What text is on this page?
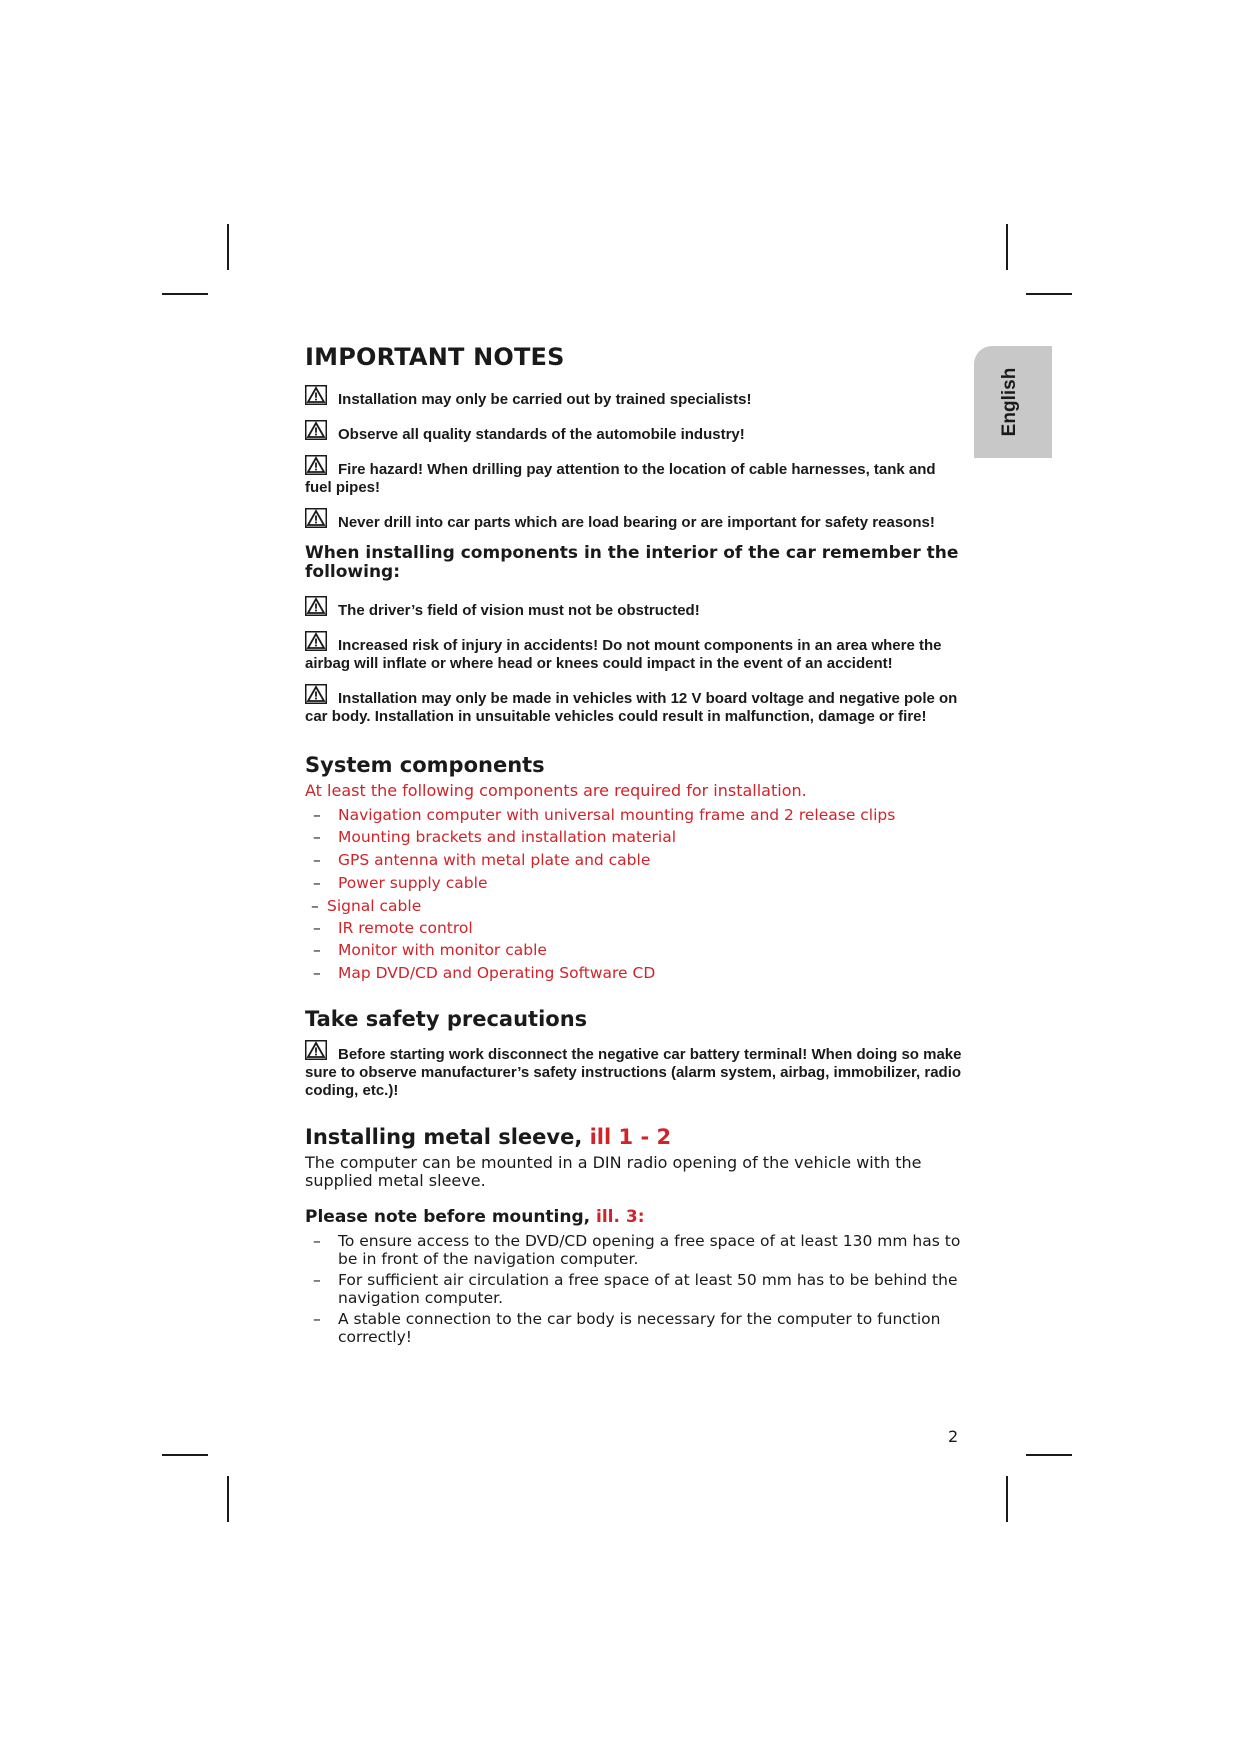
English
IMPORTANT NOTES

Installation may only be carried out by trained specialists!

Observe all quality standards of the automobile industry!

Fire hazard! When drilling pay attention to the location of cable harnesses, tank and fuel pipes!

Never drill into car parts which are load bearing or are important for safety reasons!

When installing components in the interior of the car remember the following:

The driver’s field of vision must not be obstructed!

Increased risk of injury in accidents! Do not mount components in an area where the airbag will inflate or where head or knees could impact in the event of an accident!

Installation may only be made in vehicles with 12 V board voltage and negative pole on car body. Installation in unsuitable vehicles could result in malfunction, damage or fire!

System components

At least the following components are required for installation.

– Navigation computer with universal mounting frame and 2 release clips
– Mounting brackets and installation material
– GPS antenna with metal plate and cable
– Power supply cable
– Signal cable
– IR remote control
– Monitor with monitor cable
– Map DVD/CD and Operating Software CD
Take safety precautions

Before starting work disconnect the negative car battery terminal! When doing so make sure to observe manufacturer’s safety instructions (alarm system, airbag, immobilizer, radio coding, etc.)!

Installing metal sleeve, ill 1 - 2

The computer can be mounted in a DIN radio opening of the vehicle with the supplied metal sleeve.

Please note before mounting, ill. 3:
– To ensure access to the DVD/CD opening a free space of at least 130 mm has to be in front of the navigation computer.
– For sufficient air circulation a free space of at least 50 mm has to be behind the navigation computer.
– A stable connection to the car body is necessary for the computer to function correctly!
2
